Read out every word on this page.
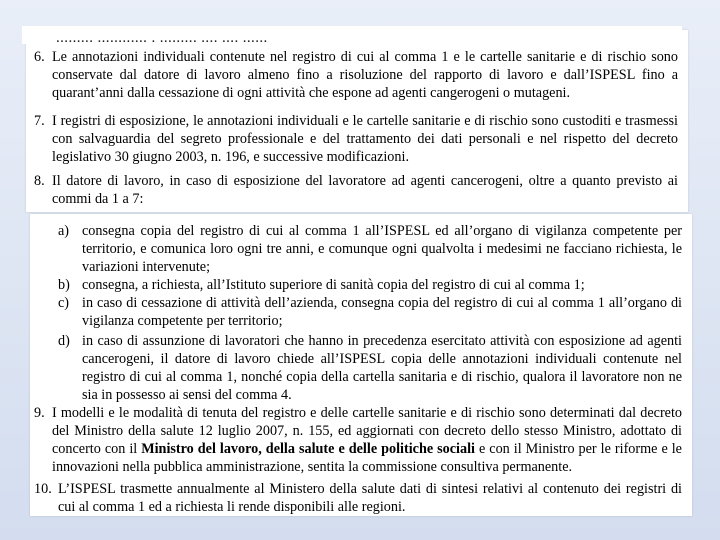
......... ............ . ......... .... .... ......
6. Le annotazioni individuali contenute nel registro di cui al comma 1 e le cartelle sanitarie e di rischio sono conservate dal datore di lavoro almeno fino a risoluzione del rapporto di lavoro e dall’ISPESL fino a quarant’anni dalla cessazione di ogni attività che espone ad agenti cangerogeni o mutageni.
7. I registri di esposizione, le annotazioni individuali e le cartelle sanitarie e di rischio sono custoditi e trasmessi con salvaguardia del segreto professionale e del trattamento dei dati personali e nel rispetto del decreto legislativo 30 giugno 2003, n. 196, e successive modificazioni.
8. Il datore di lavoro, in caso di esposizione del lavoratore ad agenti cancerogeni, oltre a quanto previsto ai commi da 1 a 7:
a) consegna copia del registro di cui al comma 1 all’ISPESL ed all’organo di vigilanza competente per territorio, e comunica loro ogni tre anni, e comunque ogni qualvolta i medesimi ne facciano richiesta, le variazioni intervenute;
b) consegna, a richiesta, all’Istituto superiore di sanità copia del registro di cui al comma 1;
c) in caso di cessazione di attività dell’azienda, consegna copia del registro di cui al comma 1 all’organo di vigilanza competente per territorio;
d) in caso di assunzione di lavoratori che hanno in precedenza esercitato attività con esposizione ad agenti cancerogeni, il datore di lavoro chiede all’ISPESL copia delle annotazioni individuali contenute nel registro di cui al comma 1, nonché copia della cartella sanitaria e di rischio, qualora il lavoratore non ne sia in possesso ai sensi del comma 4.
9. I modelli e le modalità di tenuta del registro e delle cartelle sanitarie e di rischio sono determinati dal decreto del Ministro della salute 12 luglio 2007, n. 155, ed aggiornati con decreto dello stesso Ministro, adottato di concerto con il Ministro del lavoro, della salute e delle politiche sociali e con il Ministro per le riforme e le innovazioni nella pubblica amministrazione, sentita la commissione consultiva permanente.
10. L’ISPESL trasmette annualmente al Ministero della salute dati di sintesi relativi al contenuto dei registri di cui al comma 1 ed a richiesta li rende disponibili alle regioni.
